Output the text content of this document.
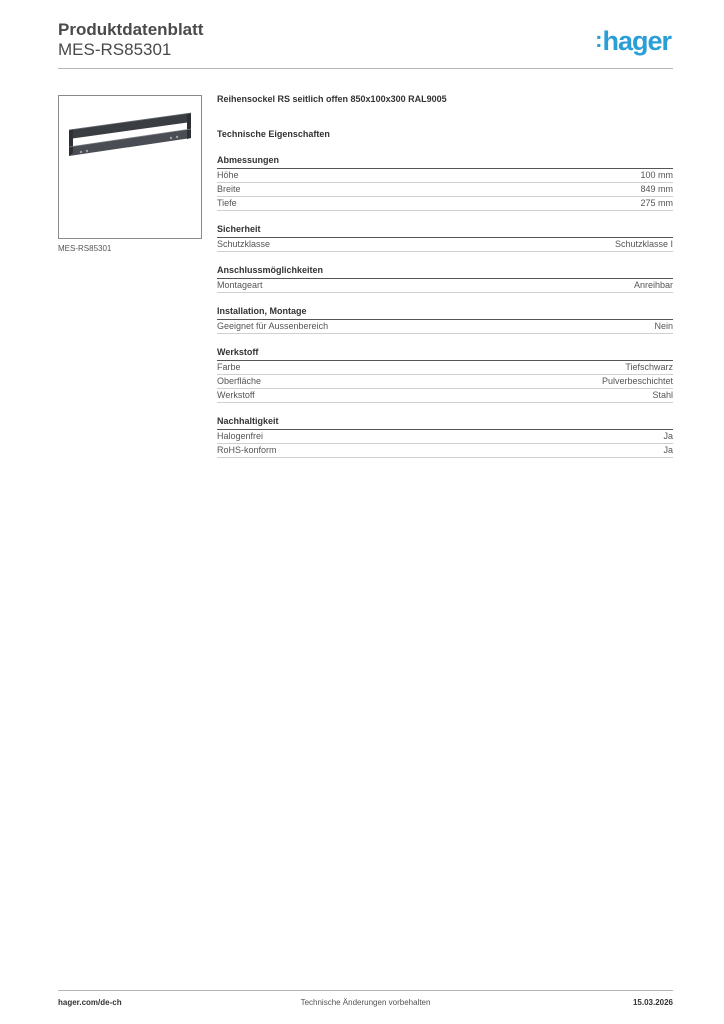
Produktdatenblatt
MES-RS85301	:hager
MES-RS85301
Reihensockel RS seitlich offen 850x100x300 RAL9005
Technische Eigenschaften
Abmessungen
Höhe	100 mm
Breite	849 mm
Tiefe	275 mm
Sicherheit
Schutzklasse	Schutzklasse I
Anschlussmöglichkeiten
Montageart	Anreihbar
Installation, Montage
Geeignet für Aussenbereich	Nein
Werkstoff
Farbe	Tiefschwarz
Oberfläche	Pulverbeschichtet
Werkstoff	Stahl
Nachhaltigkeit
Halogenfrei	Ja
RoHS-konform	Ja
hager.com/de-ch	Technische Änderungen vorbehalten	15.03.2026
